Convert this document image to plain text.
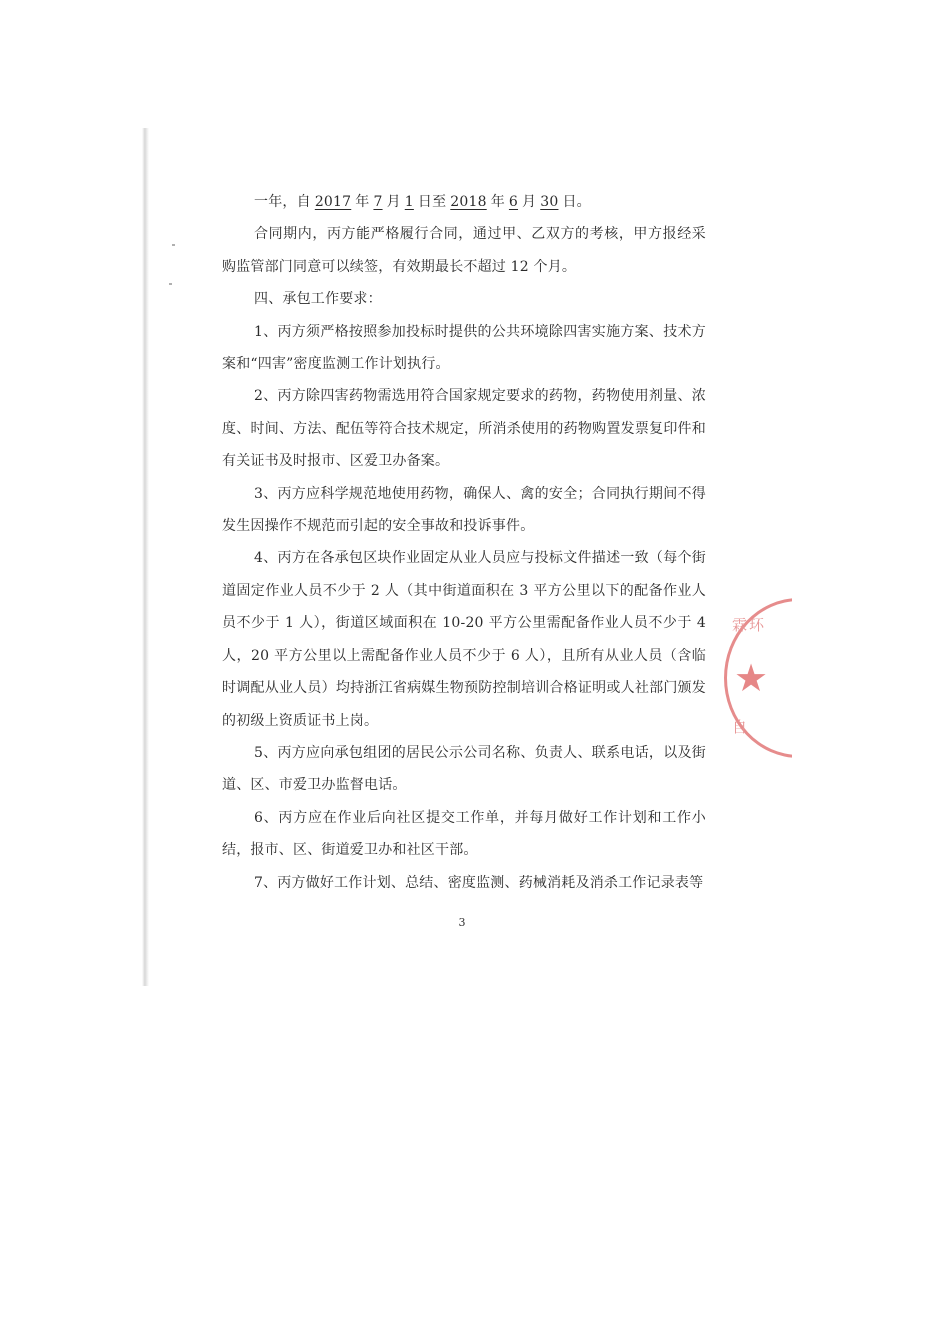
一年，自 2017 年 7 月 1 日至 2018 年 6 月 30 日。

合同期内，丙方能严格履行合同，通过甲、乙双方的考核，甲方报经采购监管部门同意可以续签，有效期最长不超过 12 个月。

四、承包工作要求：

1、丙方须严格按照参加投标时提供的公共环境除四害实施方案、技术方案和“四害”密度监测工作计划执行。

2、丙方除四害药物需选用符合国家规定要求的药物，药物使用剂量、浓度、时间、方法、配伍等符合技术规定，所消杀使用的药物购置发票复印件和有关证书及时报市、区爱卫办备案。

3、丙方应科学规范地使用药物，确保人、禽的安全；合同执行期间不得发生因操作不规范而引起的安全事故和投诉事件。

4、丙方在各承包区块作业固定从业人员应与投标文件描述一致（每个街道固定作业人员不少于 2 人（其中街道面积在 3 平方公里以下的配备作业人员不少于 1 人），街道区域面积在 10-20 平方公里需配备作业人员不少于 4 人，20 平方公里以上需配备作业人员不少于 6 人），且所有从业人员（含临时调配从业人员）均持浙江省病媒生物预防控制培训合格证明或人社部门颁发的初级上资质证书上岗。

5、丙方应向承包组团的居民公示公司名称、负责人、联系电话，以及街道、区、市爱卫办监督电话。

6、丙方应在作业后向社区提交工作单，并每月做好工作计划和工作小结，报市、区、街道爱卫办和社区干部。

7、丙方做好工作计划、总结、密度监测、药械消耗及消杀工作记录表等

3
霖环
★
自
